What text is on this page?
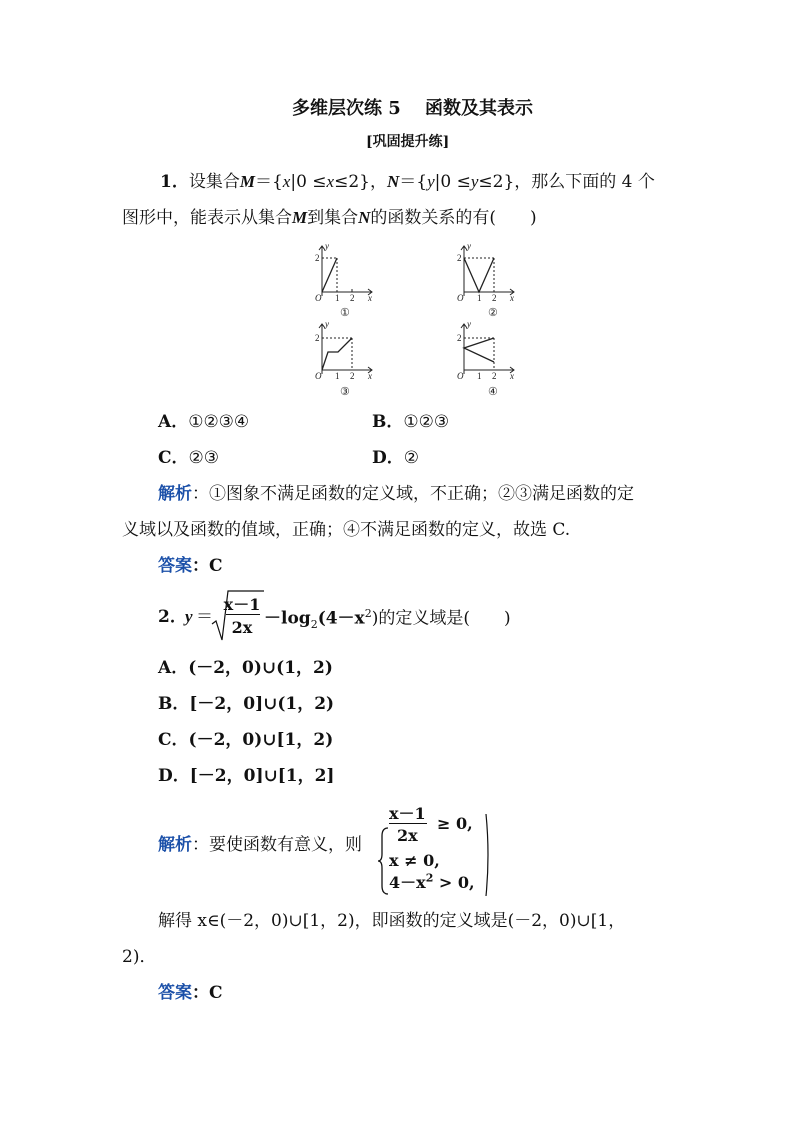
多维层次练 5　 函数及其表示
[巩固提升练]
1．设集合M＝{x|0 ≤x≤2}，N＝{y|0 ≤y≤2}，那么下面的 4 个
图形中，能表示从集合M到集合N的函数关系的有(　　)
y
2
O 1 2 x
①
y
2
O 1 2 x
②
y
2
O 1 2 x
③
y
2
O 1 2 x
④
A．①②③④	B．①②③
C．②③	D．②
解析：①图象不满足函数的定义域，不正确；②③满足函数的定
义域以及函数的值域，正确；④不满足函数的定义，故选 C.
答案：C
2．
y ＝
x－1
$2x -\log_2(4-x^2)$的定义域是(　　)
A．(－2，0)∪(1，2)
B．[－2，0]∪(1，2)
C．(－2，0)∪[1，2)
D．[－2，0]∪[1，2]
解析：要使函数有意义，则
x－1
2x
≥ 0,
x ≠ 0,
$4-x^2 > 0$,
解得 x∈(－2，0)∪[1，2)，即函数的定义域是(－2，0)∪[1，
2)．
答案：C
